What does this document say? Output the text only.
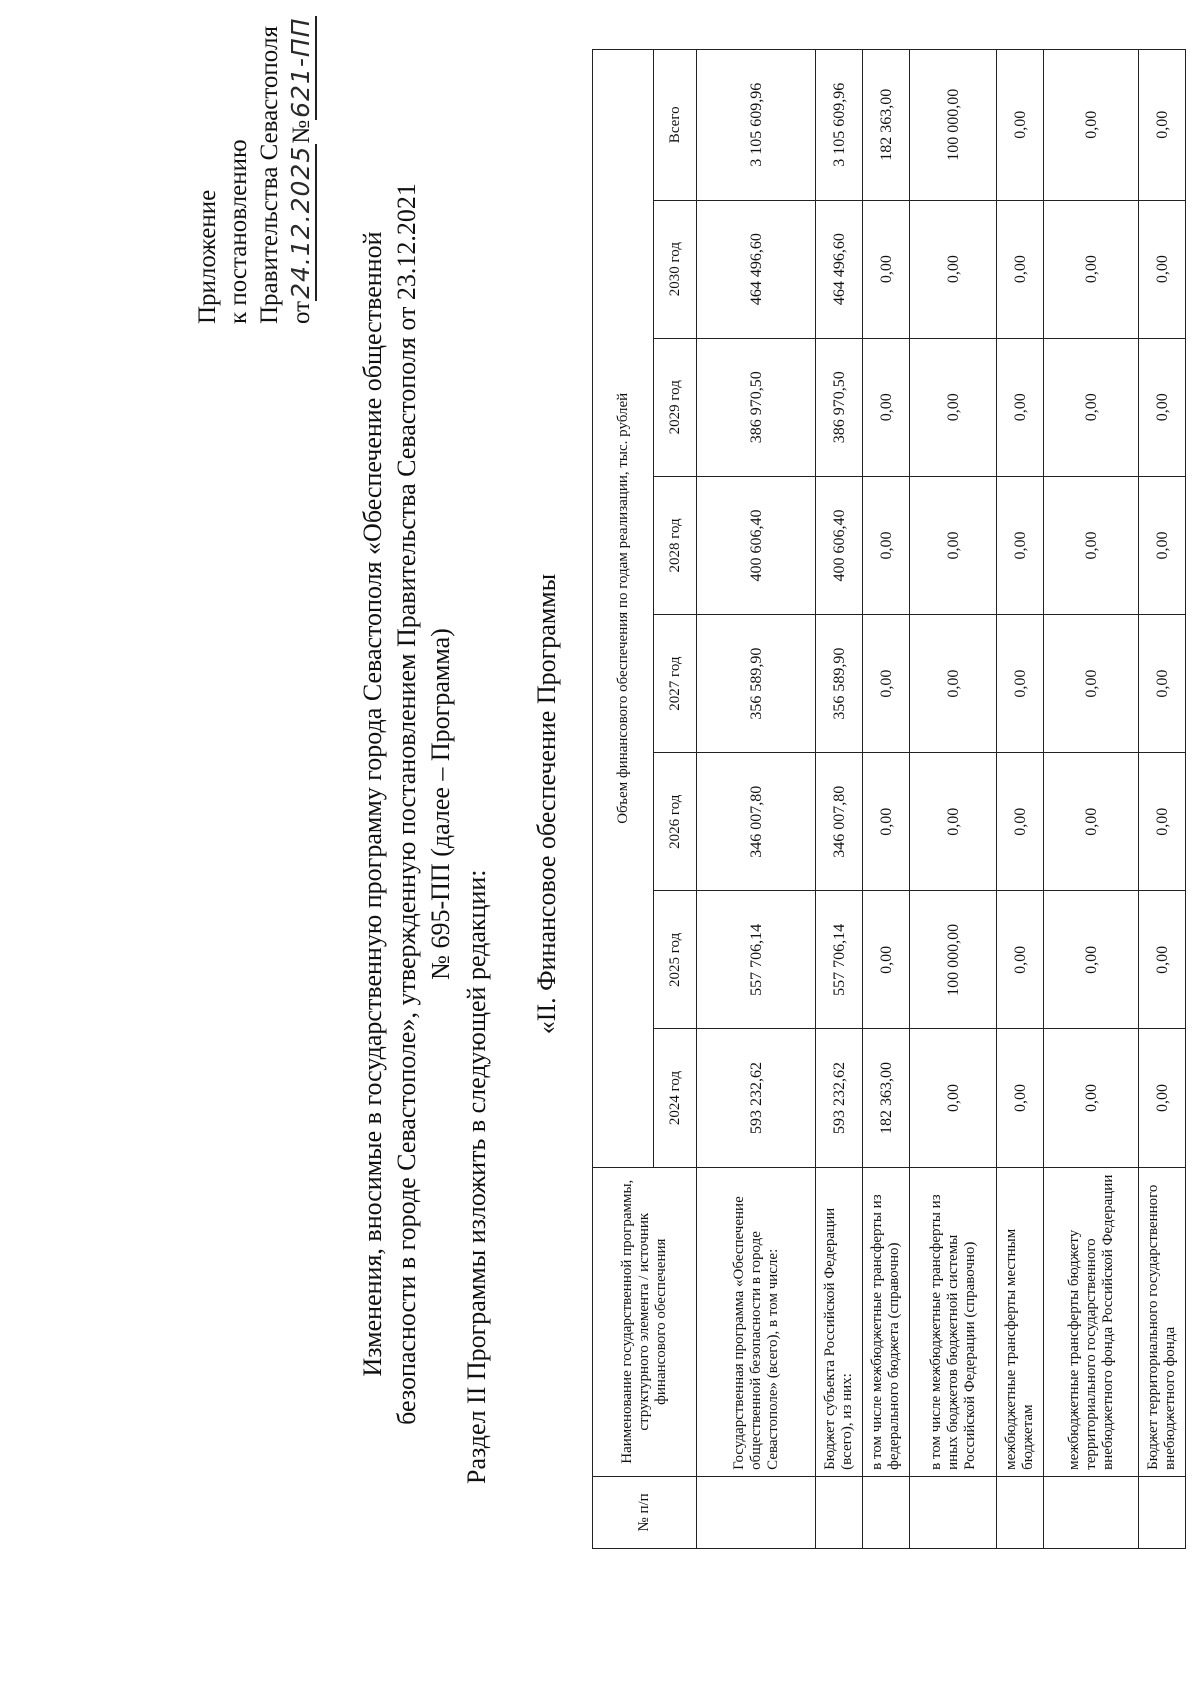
Приложение к постановлению Правительства Севастополя от24.12.2025№621-ПП
Изменения, вносимые в государственную программу города Севастополя «Обеспечение общественной безопасности в городе Севастополе», утвержденную постановлением Правительства Севастополя от 23.12.2021 № 695-ПП (далее – Программа)
Раздел II Программы изложить в следующей редакции:
«II. Финансовое обеспечение Программы
№ п/п	Наименование государственной программы, структурного элемента / источник финансового обеспечения	Объем финансового обеспечения по годам реализации, тыс. рублей							
		2024 год	2025 год	2026 год	2027 год	2028 год	2029 год	2030 год	Всего
	Государственная программа «Обеспечение общественной безопасности в городе Севастополе» (всего), в том числе:	593 232,62	557 706,14	346 007,80	356 589,90	400 606,40	386 970,50	464 496,60	3 105 609,96
	Бюджет субъекта Российской Федерации (всего), из них:	593 232,62	557 706,14	346 007,80	356 589,90	400 606,40	386 970,50	464 496,60	3 105 609,96
	в том числе межбюджетные трансферты из федерального бюджета (справочно)	182 363,00	0,00	0,00	0,00	0,00	0,00	0,00	182 363,00
	в том числе межбюджетные трансферты из иных бюджетов бюджетной системы Российской Федерации (справочно)	0,00	100 000,00	0,00	0,00	0,00	0,00	0,00	100 000,00
	межбюджетные трансферты местным бюджетам	0,00	0,00	0,00	0,00	0,00	0,00	0,00	0,00
	межбюджетные трансферты бюджету территориального государственного внебюджетного фонда Российской Федерации	0,00	0,00	0,00	0,00	0,00	0,00	0,00	0,00
	Бюджет территориального государственного внебюджетного фонда	0,00	0,00	0,00	0,00	0,00	0,00	0,00	0,00
